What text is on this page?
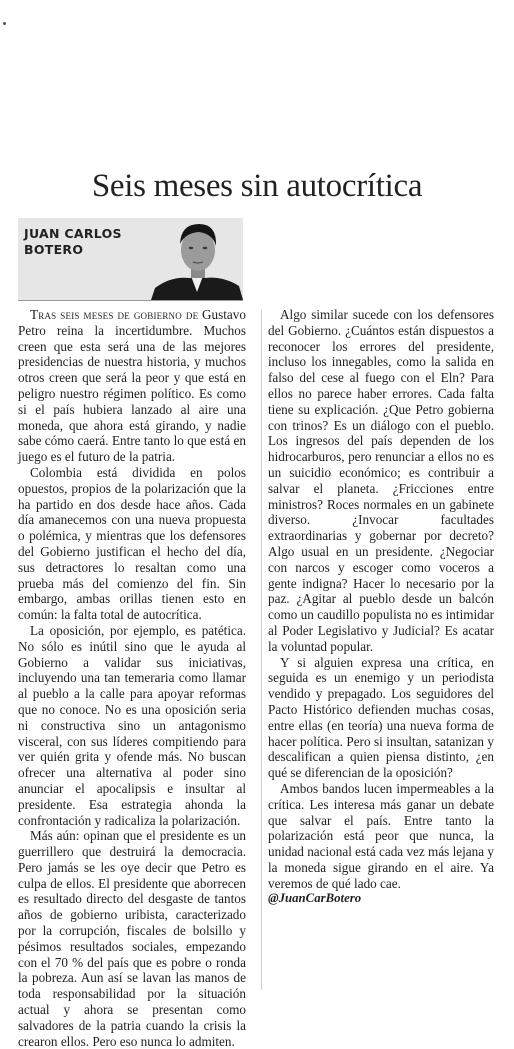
Seis meses sin autocrítica
JUAN CARLOS
BOTERO

Tras seis meses de gobierno de Gustavo Petro reina la incertidumbre. Muchos creen que esta será una de las mejores presidencias de nuestra historia, y muchos otros creen que será la peor y que está en peligro nuestro régimen político. Es como si el país hubiera lanzado al aire una moneda, que ahora está girando, y nadie sabe cómo caerá. Entre tanto lo que está en juego es el futuro de la patria.

Colombia está dividida en polos opuestos, propios de la polarización que la ha partido en dos desde hace años. Cada día amanecemos con una nueva propuesta o polémica, y mientras que los defensores del Gobierno justifican el hecho del día, sus detractores lo resaltan como una prueba más del comienzo del fin. Sin embargo, ambas orillas tienen esto en común: la falta total de autocrítica.

La oposición, por ejemplo, es patética. No sólo es inútil sino que le ayuda al Gobierno a validar sus iniciativas, incluyendo una tan temeraria como llamar al pueblo a la calle para apoyar reformas que no conoce. No es una oposición seria ni constructiva sino un antagonismo visceral, con sus líderes compitiendo para ver quién grita y ofende más. No buscan ofrecer una alternativa al poder sino anunciar el apocalipsis e insultar al presidente. Esa estrategia ahonda la confrontación y radicaliza la polarización.

Más aún: opinan que el presidente es un guerrillero que destruirá la democracia. Pero jamás se les oye decir que Petro es culpa de ellos. El presidente que aborrecen es resultado directo del desgaste de tantos años de gobierno uribista, caracterizado por la corrupción, fiscales de bolsillo y pésimos resultados sociales, empezando con el 70 % del país que es pobre o ronda la pobreza. Aun así se lavan las manos de toda responsabilidad por la situación actual y ahora se presentan como salvadores de la patria cuando la crisis la crearon ellos. Pero eso nunca lo admiten.

Algo similar sucede con los defensores del Gobierno. ¿Cuántos están dispuestos a reconocer los errores del presidente, incluso los innegables, como la salida en falso del cese al fuego con el Eln? Para ellos no parece haber errores. Cada falta tiene su explicación. ¿Que Petro gobierna con trinos? Es un diálogo con el pueblo. Los ingresos del país dependen de los hidrocarburos, pero renunciar a ellos no es un suicidio económico; es contribuir a salvar el planeta. ¿Fricciones entre ministros? Roces normales en un gabinete diverso. ¿Invocar facultades extraordinarias y gobernar por decreto? Algo usual en un presidente. ¿Negociar con narcos y escoger como voceros a gente indigna? Hacer lo necesario por la paz. ¿Agitar al pueblo desde un balcón como un caudillo populista no es intimidar al Poder Legislativo y Judicial? Es acatar la voluntad popular.

Y si alguien expresa una crítica, en seguida es un enemigo y un periodista vendido y prepagado. Los seguidores del Pacto Histórico defienden muchas cosas, entre ellas (en teoría) una nueva forma de hacer política. Pero si insultan, satanizan y descalifican a quien piensa distinto, ¿en qué se diferencian de la oposición?

Ambos bandos lucen impermeables a la crítica. Les interesa más ganar un debate que salvar el país. Entre tanto la polarización está peor que nunca, la unidad nacional está cada vez más lejana y la moneda sigue girando en el aire. Ya veremos de qué lado cae.

@JuanCarBotero
